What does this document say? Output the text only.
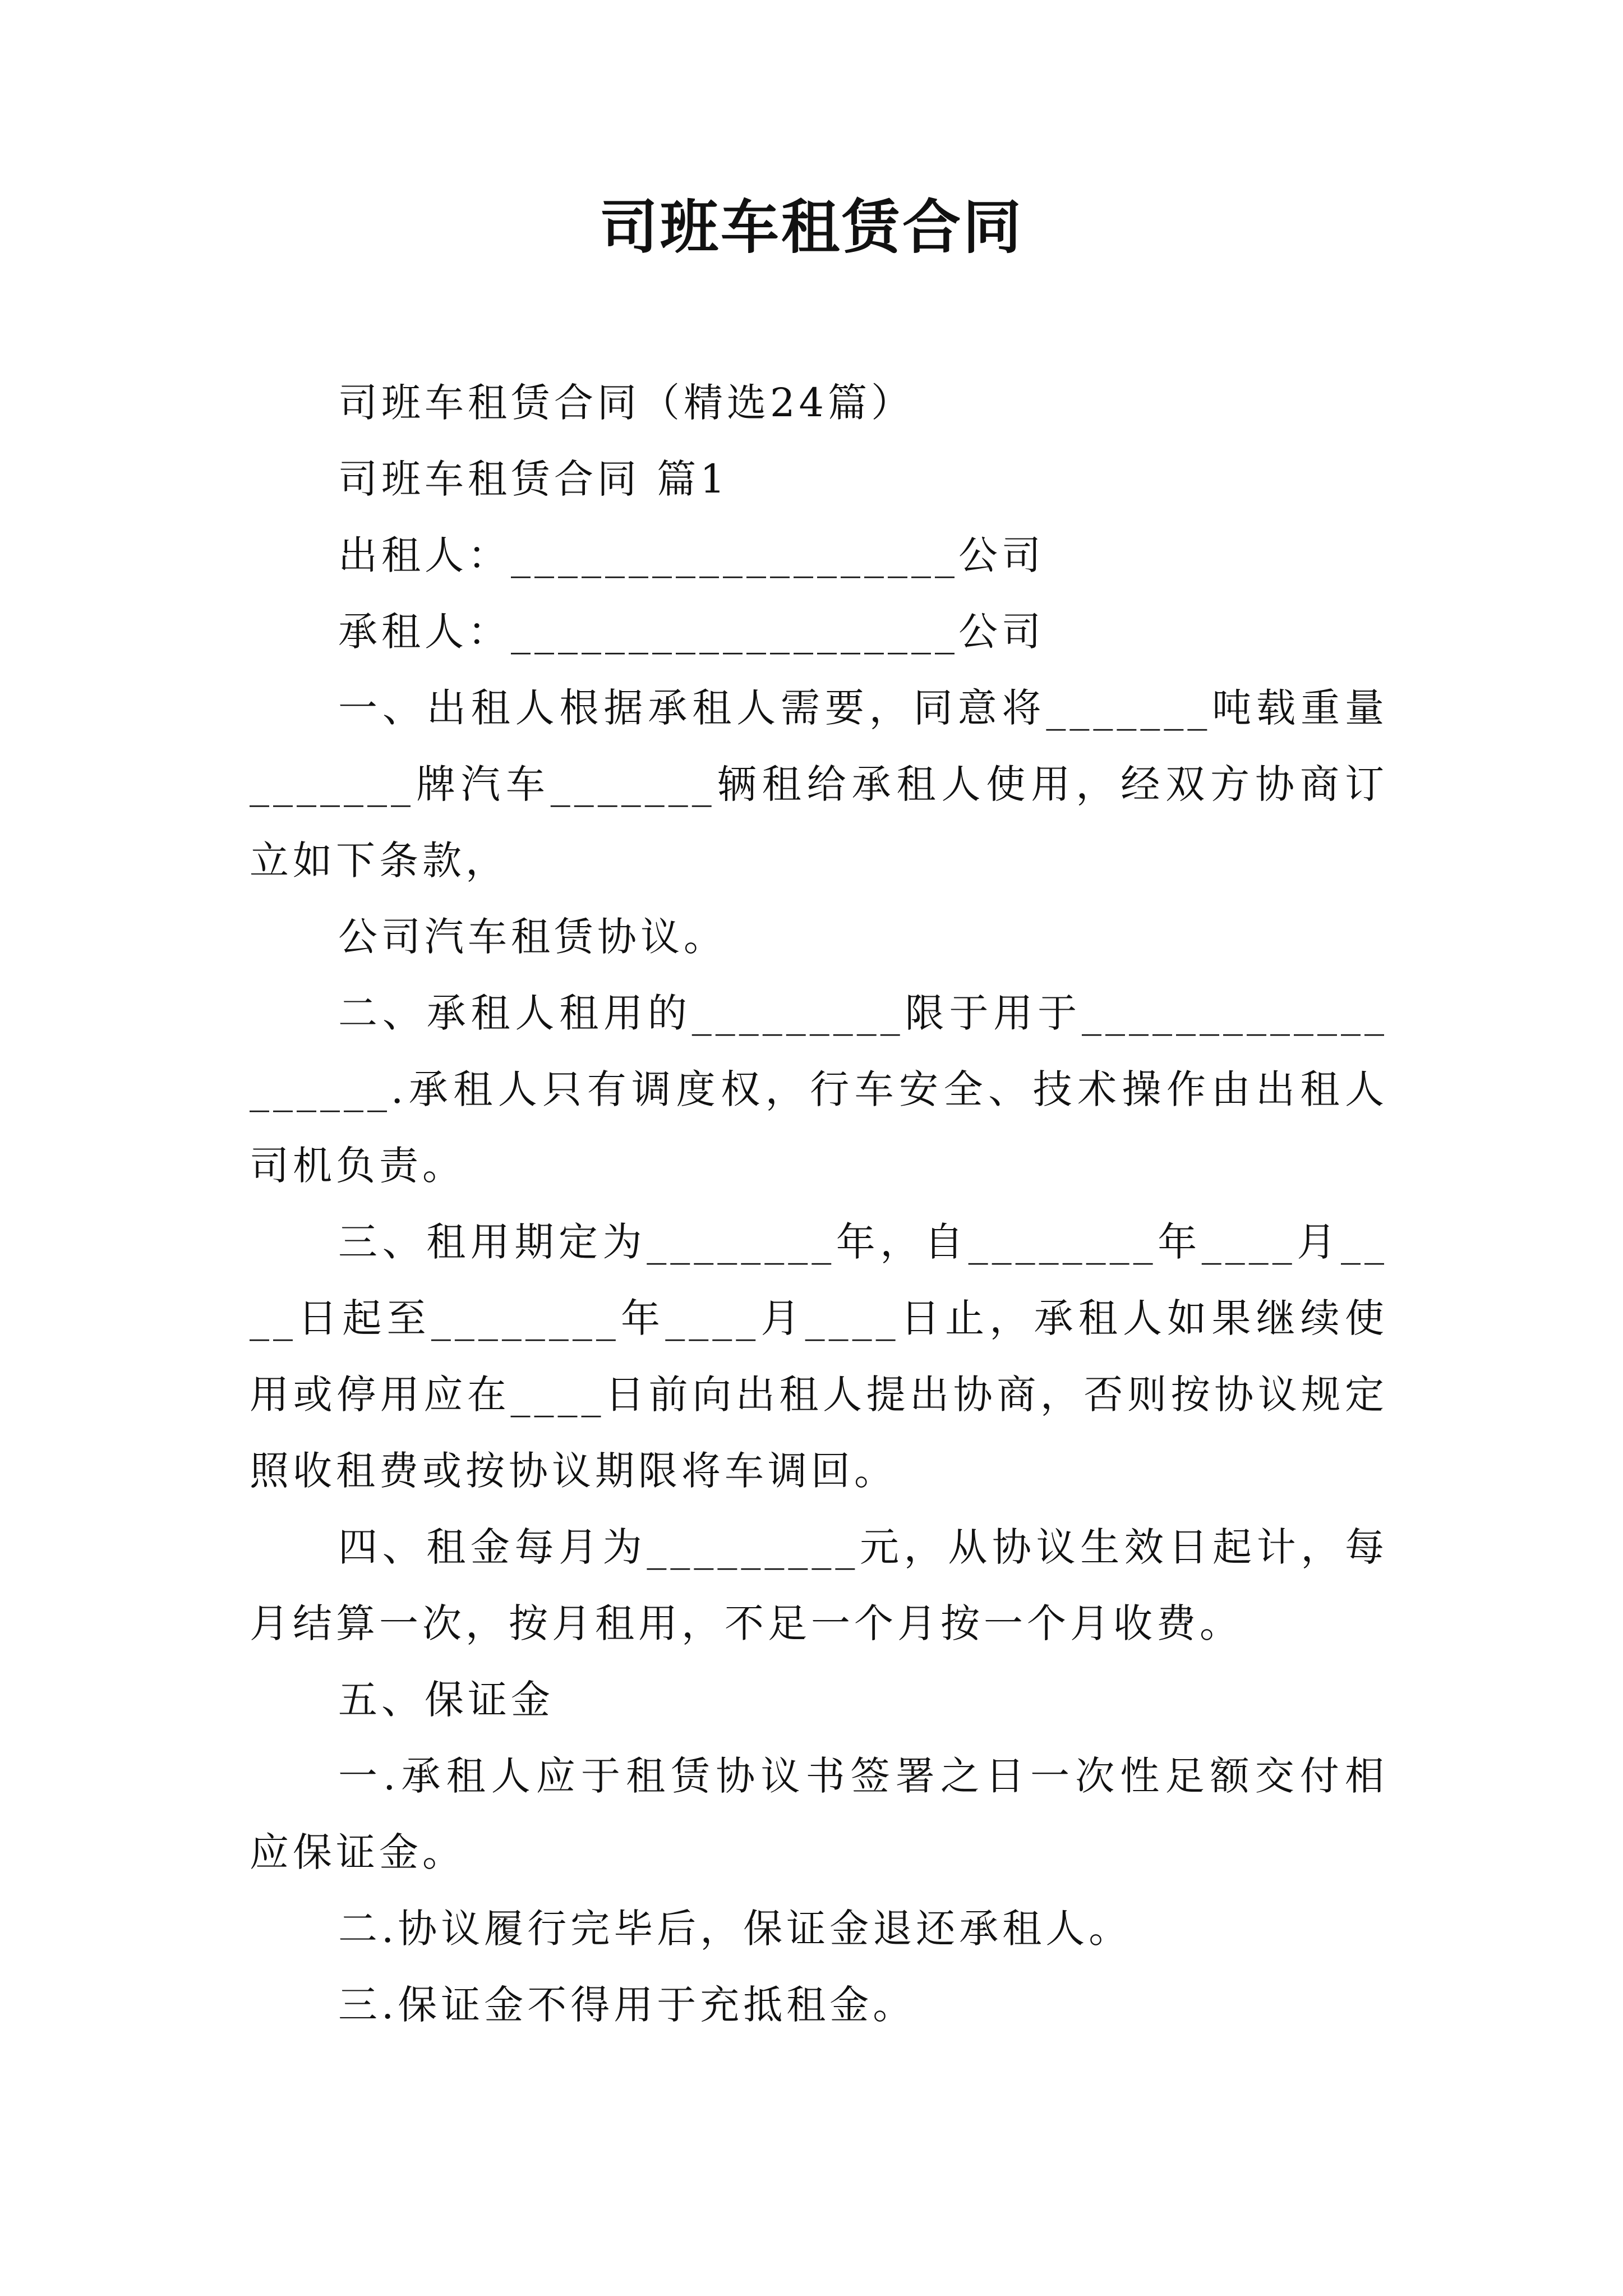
司班车租赁合同

司班车租赁合同（精选24篇）

司班车租赁合同 篇1

出租人：___________________公司

承租人：___________________公司

一、出租人根据承租人需要，同意将_______吨载重量_______牌汽车_______辆租给承租人使用，经双方协商订立如下条款，

公司汽车租赁协议。

二、承租人租用的_________限于用于___________________.承租人只有调度权，行车安全、技术操作由出租人司机负责。

三、租用期定为________年，自________年____月____日起至________年____月____日止，承租人如果继续使用或停用应在____日前向出租人提出协商，否则按协议规定照收租费或按协议期限将车调回。

四、租金每月为_________元，从协议生效日起计，每月结算一次，按月租用，不足一个月按一个月收费。

五、保证金

一.承租人应于租赁协议书签署之日一次性足额交付相应保证金。

二.协议履行完毕后，保证金退还承租人。

三.保证金不得用于充抵租金。
